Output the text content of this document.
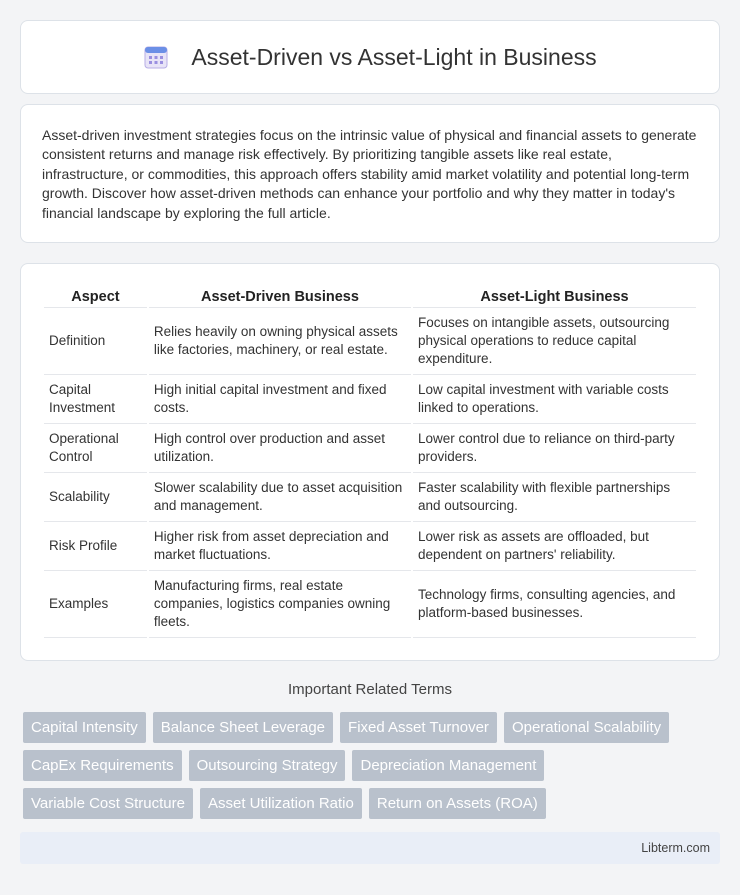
Asset-Driven vs Asset-Light in Business

Asset-driven investment strategies focus on the intrinsic value of physical and financial assets to generate consistent returns and manage risk effectively. By prioritizing tangible assets like real estate, infrastructure, or commodities, this approach offers stability amid market volatility and potential long-term growth. Discover how asset-driven methods can enhance your portfolio and why they matter in today's financial landscape by exploring the full article.

Aspect	Asset-Driven Business	Asset-Light Business
Definition	Relies heavily on owning physical assets like factories, machinery, or real estate.	Focuses on intangible assets, outsourcing physical operations to reduce capital expenditure.
Capital Investment	High initial capital investment and fixed costs.	Low capital investment with variable costs linked to operations.
Operational Control	High control over production and asset utilization.	Lower control due to reliance on third-party providers.
Scalability	Slower scalability due to asset acquisition and management.	Faster scalability with flexible partnerships and outsourcing.
Risk Profile	Higher risk from asset depreciation and market fluctuations.	Lower risk as assets are offloaded, but dependent on partners' reliability.
Examples	Manufacturing firms, real estate companies, logistics companies owning fleets.	Technology firms, consulting agencies, and platform-based businesses.
Important Related Terms
Capital Intensity	Balance Sheet Leverage	Fixed Asset Turnover	Operational Scalability
CapEx Requirements	Outsourcing Strategy	Depreciation Management
Variable Cost Structure	Asset Utilization Ratio	Return on Assets (ROA)
Libterm.com
